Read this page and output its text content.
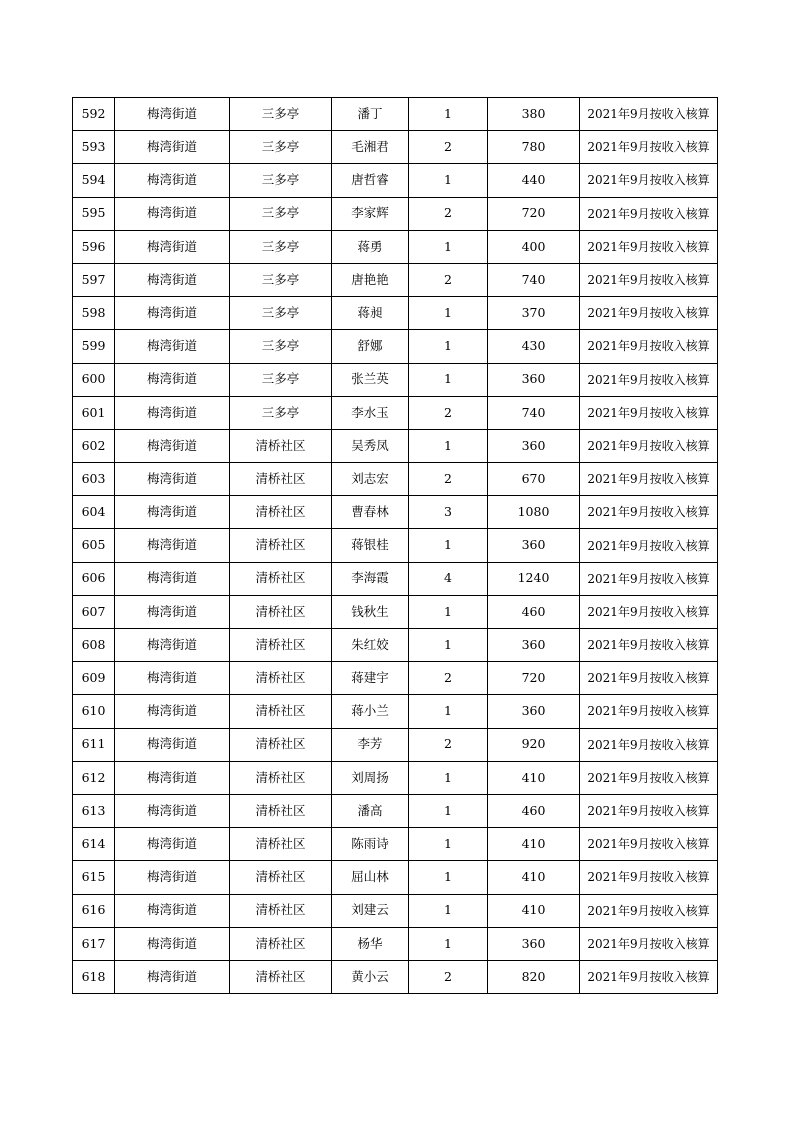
592	梅湾街道	三多亭	潘丁	1	380	2021年9月按收入核算
593	梅湾街道	三多亭	毛湘君	2	780	2021年9月按收入核算
594	梅湾街道	三多亭	唐哲睿	1	440	2021年9月按收入核算
595	梅湾街道	三多亭	李家辉	2	720	2021年9月按收入核算
596	梅湾街道	三多亭	蒋勇	1	400	2021年9月按收入核算
597	梅湾街道	三多亭	唐艳艳	2	740	2021年9月按收入核算
598	梅湾街道	三多亭	蒋昶	1	370	2021年9月按收入核算
599	梅湾街道	三多亭	舒娜	1	430	2021年9月按收入核算
600	梅湾街道	三多亭	张兰英	1	360	2021年9月按收入核算
601	梅湾街道	三多亭	李水玉	2	740	2021年9月按收入核算
602	梅湾街道	清桥社区	吴秀凤	1	360	2021年9月按收入核算
603	梅湾街道	清桥社区	刘志宏	2	670	2021年9月按收入核算
604	梅湾街道	清桥社区	曹春林	3	1080	2021年9月按收入核算
605	梅湾街道	清桥社区	蒋银桂	1	360	2021年9月按收入核算
606	梅湾街道	清桥社区	李海霞	4	1240	2021年9月按收入核算
607	梅湾街道	清桥社区	钱秋生	1	460	2021年9月按收入核算
608	梅湾街道	清桥社区	朱红姣	1	360	2021年9月按收入核算
609	梅湾街道	清桥社区	蒋建宇	2	720	2021年9月按收入核算
610	梅湾街道	清桥社区	蒋小兰	1	360	2021年9月按收入核算
611	梅湾街道	清桥社区	李芳	2	920	2021年9月按收入核算
612	梅湾街道	清桥社区	刘周扬	1	410	2021年9月按收入核算
613	梅湾街道	清桥社区	潘高	1	460	2021年9月按收入核算
614	梅湾街道	清桥社区	陈雨诗	1	410	2021年9月按收入核算
615	梅湾街道	清桥社区	屈山林	1	410	2021年9月按收入核算
616	梅湾街道	清桥社区	刘建云	1	410	2021年9月按收入核算
617	梅湾街道	清桥社区	杨华	1	360	2021年9月按收入核算
618	梅湾街道	清桥社区	黄小云	2	820	2021年9月按收入核算
